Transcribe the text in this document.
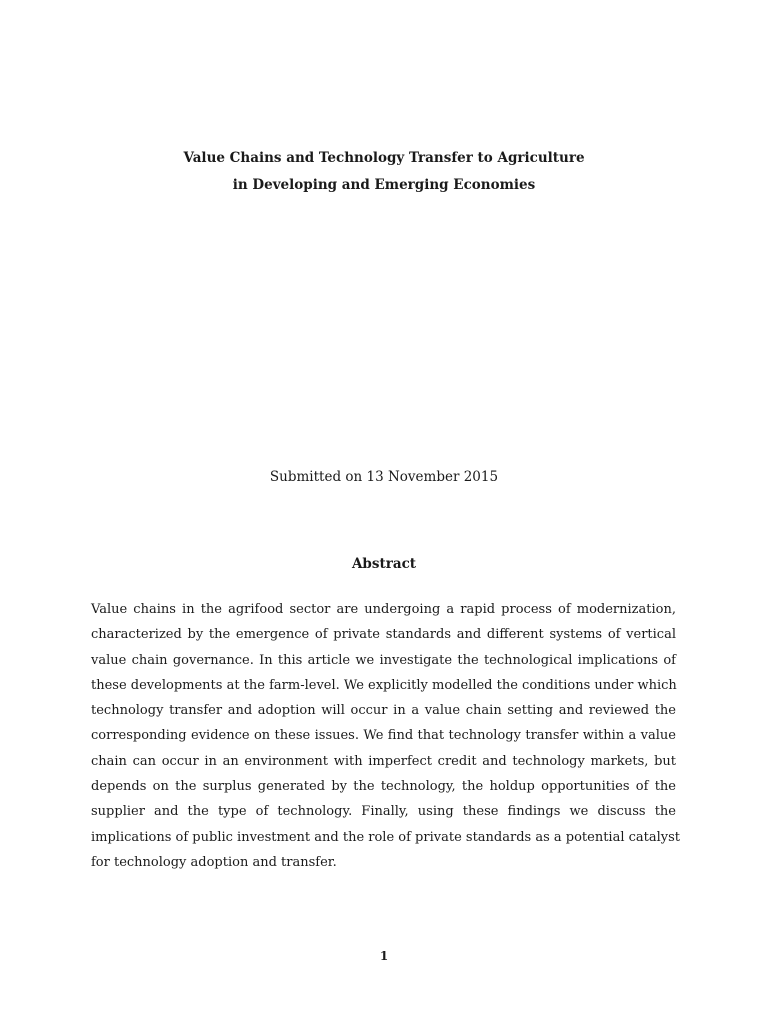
Value Chains and Technology Transfer to Agriculture
in Developing and Emerging Economies
Submitted on 13 November 2015
Abstract
Value chains in the agrifood sector are undergoing a rapid process of modernization,
characterized by the emergence of private standards and different systems of vertical
value chain governance. In this article we investigate the technological implications of
these developments at the farm-level. We explicitly modelled the conditions under which
technology transfer and adoption will occur in a value chain setting and reviewed the
corresponding evidence on these issues. We find that technology transfer within a value
chain can occur in an environment with imperfect credit and technology markets, but
depends on the surplus generated by the technology, the holdup opportunities of the
supplier and the type of technology. Finally, using these findings we discuss the
implications of public investment and the role of private standards as a potential catalyst
for technology adoption and transfer.
1
